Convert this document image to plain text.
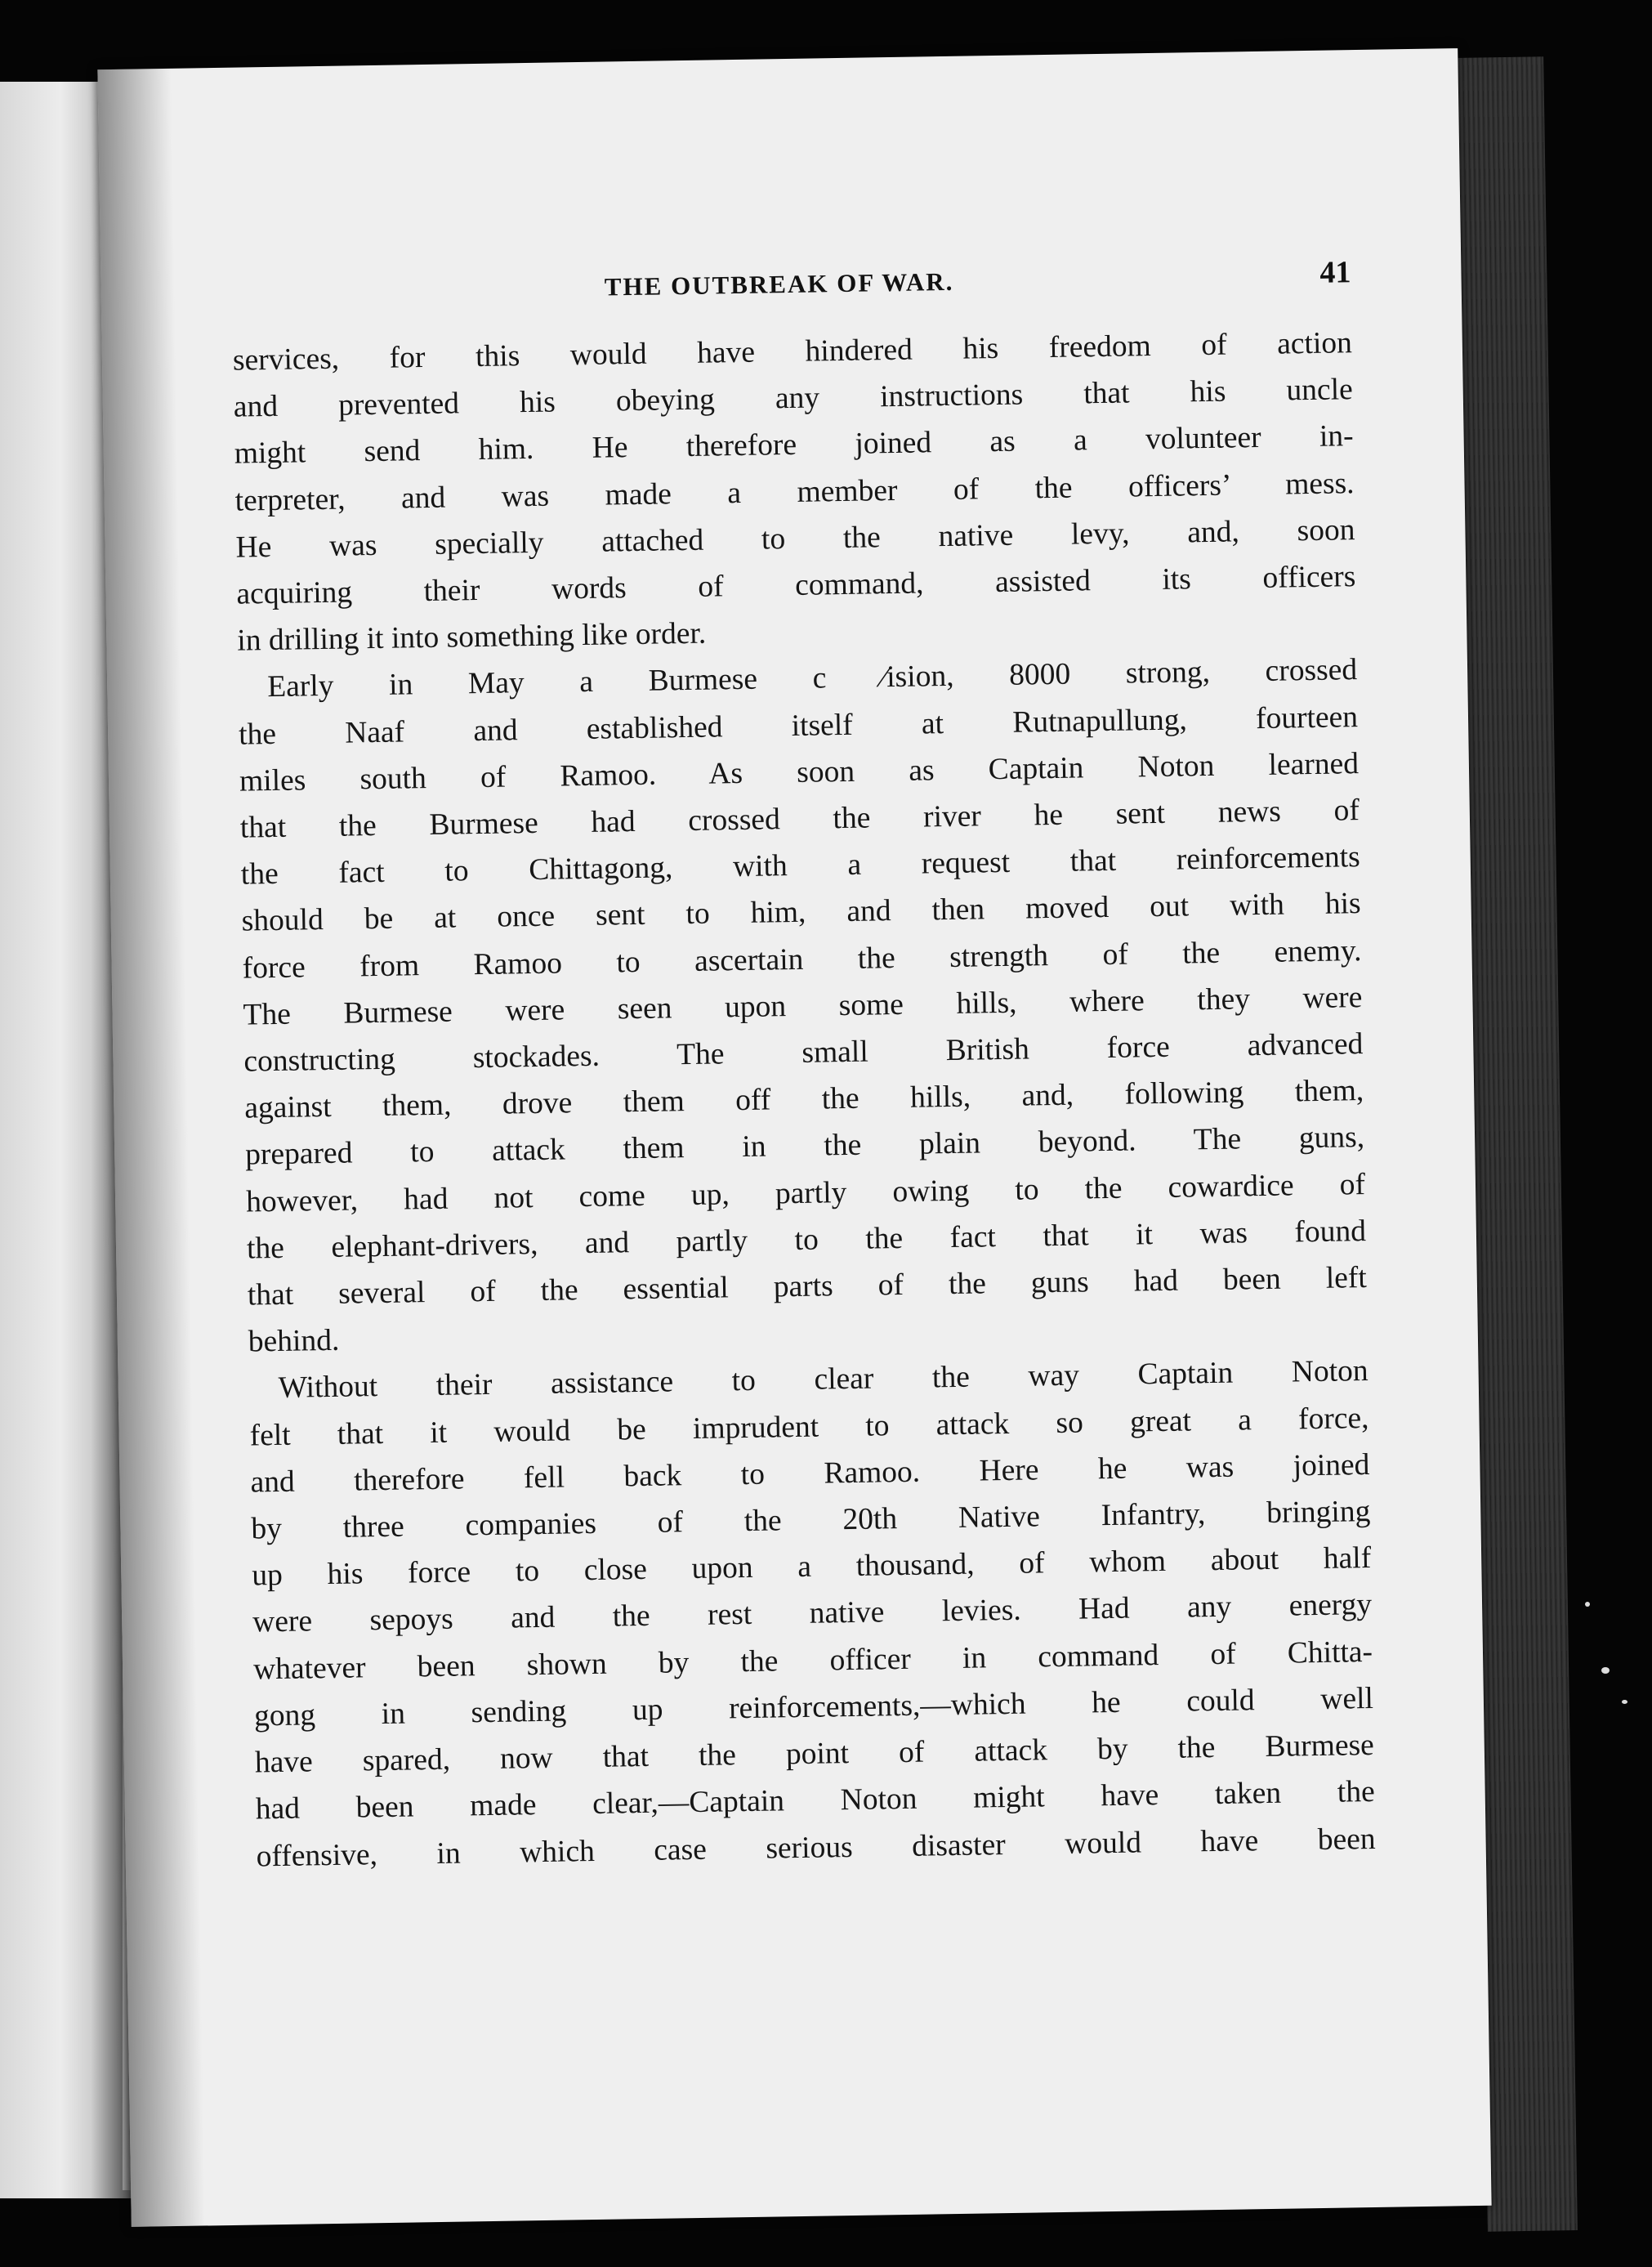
THE OUTBREAK OF WAR.	41
services, for this would have hindered his freedom of action
and prevented his obeying any instructions that his uncle
might send him. He therefore joined as a volunteer in-
terpreter, and was made a member of the officers’ mess.
He was specially attached to the native levy, and, soon
acquiring their words of command, assisted its officers
in drilling it into something like order.
Early in May a Burmese c ⁄ision, 8000 strong, crossed
the Naaf and established itself at Rutnapullung, fourteen
miles south of Ramoo. As soon as Captain Noton learned
that the Burmese had crossed the river he sent news of
the fact to Chittagong, with a request that reinforcements
should be at once sent to him, and then moved out with his
force from Ramoo to ascertain the strength of the enemy.
The Burmese were seen upon some hills, where they were
constructing stockades. The small British force advanced
against them, drove them off the hills, and, following them,
prepared to attack them in the plain beyond. The guns,
however, had not come up, partly owing to the cowardice of
the elephant-drivers, and partly to the fact that it was found
that several of the essential parts of the guns had been left
behind.
Without their assistance to clear the way Captain Noton
felt that it would be imprudent to attack so great a force,
and therefore fell back to Ramoo. Here he was joined
by three companies of the 20th Native Infantry, bringing
up his force to close upon a thousand, of whom about half
were sepoys and the rest native levies. Had any energy
whatever been shown by the officer in command of Chitta-
gong in sending up reinforcements,—which he could well
have spared, now that the point of attack by the Burmese
had been made clear,—Captain Noton might have taken the
offensive, in which case serious disaster would have been
